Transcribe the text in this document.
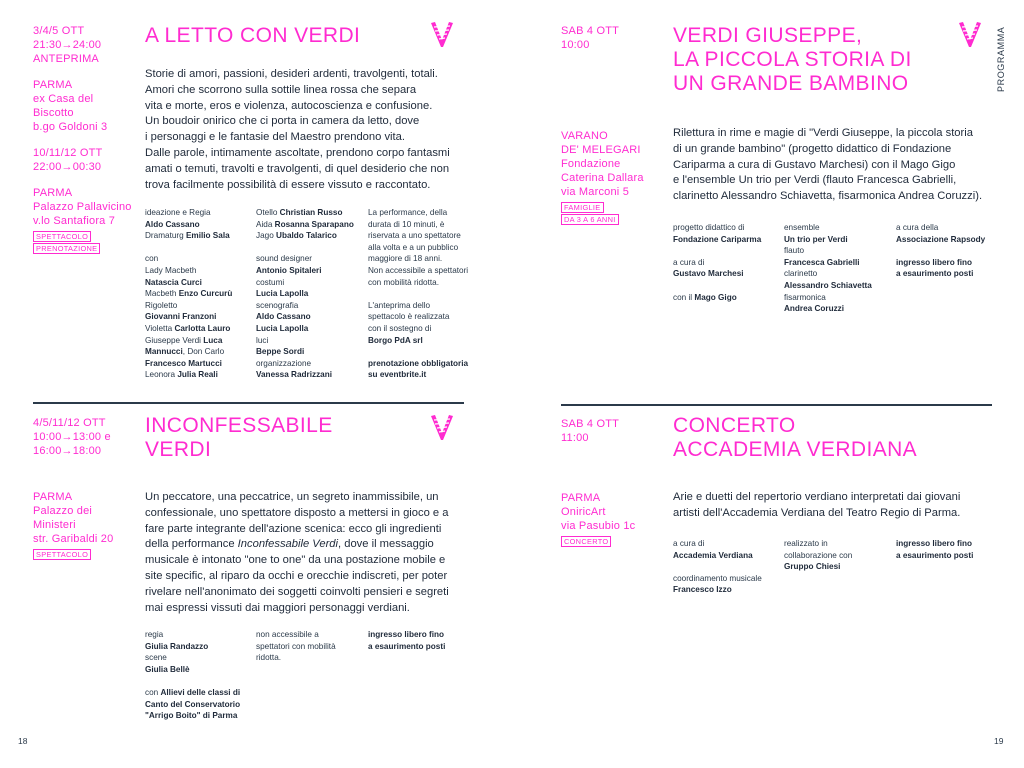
3/4/5 OTT

21:30→24:00

ANTEPRIMA

PARMA

ex Casa del Biscotto

b.go Goldoni 3

10/11/12 OTT

22:00→00:30

PARMA

Palazzo Pallavicino

v.lo Santafiora 7

SPETTACOLO
PRENOTAZIONE
A LETTO CON VERDI

Storie di amori, passioni, desideri ardenti, travolgenti, totali.

Amori che scorrono sulla sottile linea rossa che separa

vita e morte, eros e violenza, autocoscienza e confusione.

Un boudoir onirico che ci porta in camera da letto, dove

i personaggi e le fantasie del Maestro prendono vita.

Dalle parole, intimamente ascoltate, prendono corpo fantasmi

amati o temuti, travolti e travolgenti, di quel desiderio che non

trova facilmente possibilità di essere vissuto e raccontato.

ideazione e Regia
Aldo Cassano
Dramaturg Emilio Sala
con
Lady Macbeth
Natascia Curci
Macbeth Enzo Curcurù
Rigoletto
Giovanni Franzoni
Violetta Carlotta Lauro
Giuseppe Verdi Luca
Mannucci, Don Carlo
Francesco Martucci
Leonora Julia Reali
Otello Christian Russo
Aida Rosanna Sparapano
Jago Ubaldo Talarico
sound designer
Antonio Spitaleri
costumi
Lucia Lapolla
scenografia
Aldo Cassano
Lucia Lapolla
luci
Beppe Sordi
organizzazione
Vanessa Radrizzani
La performance, della
durata di 10 minuti, è
riservata a uno spettatore
alla volta e a un pubblico
maggiore di 18 anni.
Non accessibile a spettatori
con mobilità ridotta.
L'anteprima dello
spettacolo è realizzata
con il sostegno di
Borgo PdA srl
prenotazione obbligatoria
su eventbrite.it

SAB 4 OTT

10:00

VARANO

DE' MELEGARI

Fondazione

Caterina Dallara

via Marconi 5

FAMIGLIE
DA 3 A 6 ANNI
VERDI GIUSEPPE,
LA PICCOLA STORIA DI
UN GRANDE BAMBINO

Rilettura in rime e magie di "Verdi Giuseppe, la piccola storia

di un grande bambino" (progetto didattico di Fondazione

Cariparma a cura di Gustavo Marchesi) con il Mago Gigo

e l'ensemble Un trio per Verdi (flauto Francesca Gabrielli,

clarinetto Alessandro Schiavetta, fisarmonica Andrea Coruzzi).

progetto didattico di
Fondazione Cariparma
a cura di
Gustavo Marchesi
con il Mago Gigo
ensemble
Un trio per Verdi
flauto
Francesca Gabrielli
clarinetto
Alessandro Schiavetta
fisarmonica
Andrea Coruzzi
a cura della
Associazione Rapsody
ingresso libero fino
a esaurimento posti

4/5/11/12 OTT

10:00→13:00 e

16:00→18:00

PARMA

Palazzo dei Ministeri

str. Garibaldi 20

SPETTACOLO
INCONFESSABILE
VERDI

Un peccatore, una peccatrice, un segreto inammissibile, un

confessionale, uno spettatore disposto a mettersi in gioco e a

fare parte integrante dell'azione scenica: ecco gli ingredienti

della performance Inconfessabile Verdi, dove il messaggio

musicale è intonato "one to one" da una postazione mobile e

site specific, al riparo da occhi e orecchie indiscreti, per poter

rivelare nell'anonimato dei soggetti coinvolti pensieri e segreti

mai espressi vissuti dai maggiori personaggi verdiani.

regia
Giulia Randazzo
scene
Giulia Bellè
con Allievi delle classi di
Canto del Conservatorio
"Arrigo Boito" di Parma
non accessibile a
spettatori con mobilità
ridotta.
ingresso libero fino
a esaurimento posti

SAB 4 OTT

11:00

PARMA

OniricArt

via Pasubio 1c

CONCERTO
CONCERTO
ACCADEMIA VERDIANA

Arie e duetti del repertorio verdiano interpretati dai giovani

artisti dell'Accademia Verdiana del Teatro Regio di Parma.

a cura di
Accademia Verdiana
coordinamento musicale
Francesco Izzo
realizzato in
collaborazione con
Gruppo Chiesi
ingresso libero fino
a esaurimento posti
PROGRAMMA
18	19
